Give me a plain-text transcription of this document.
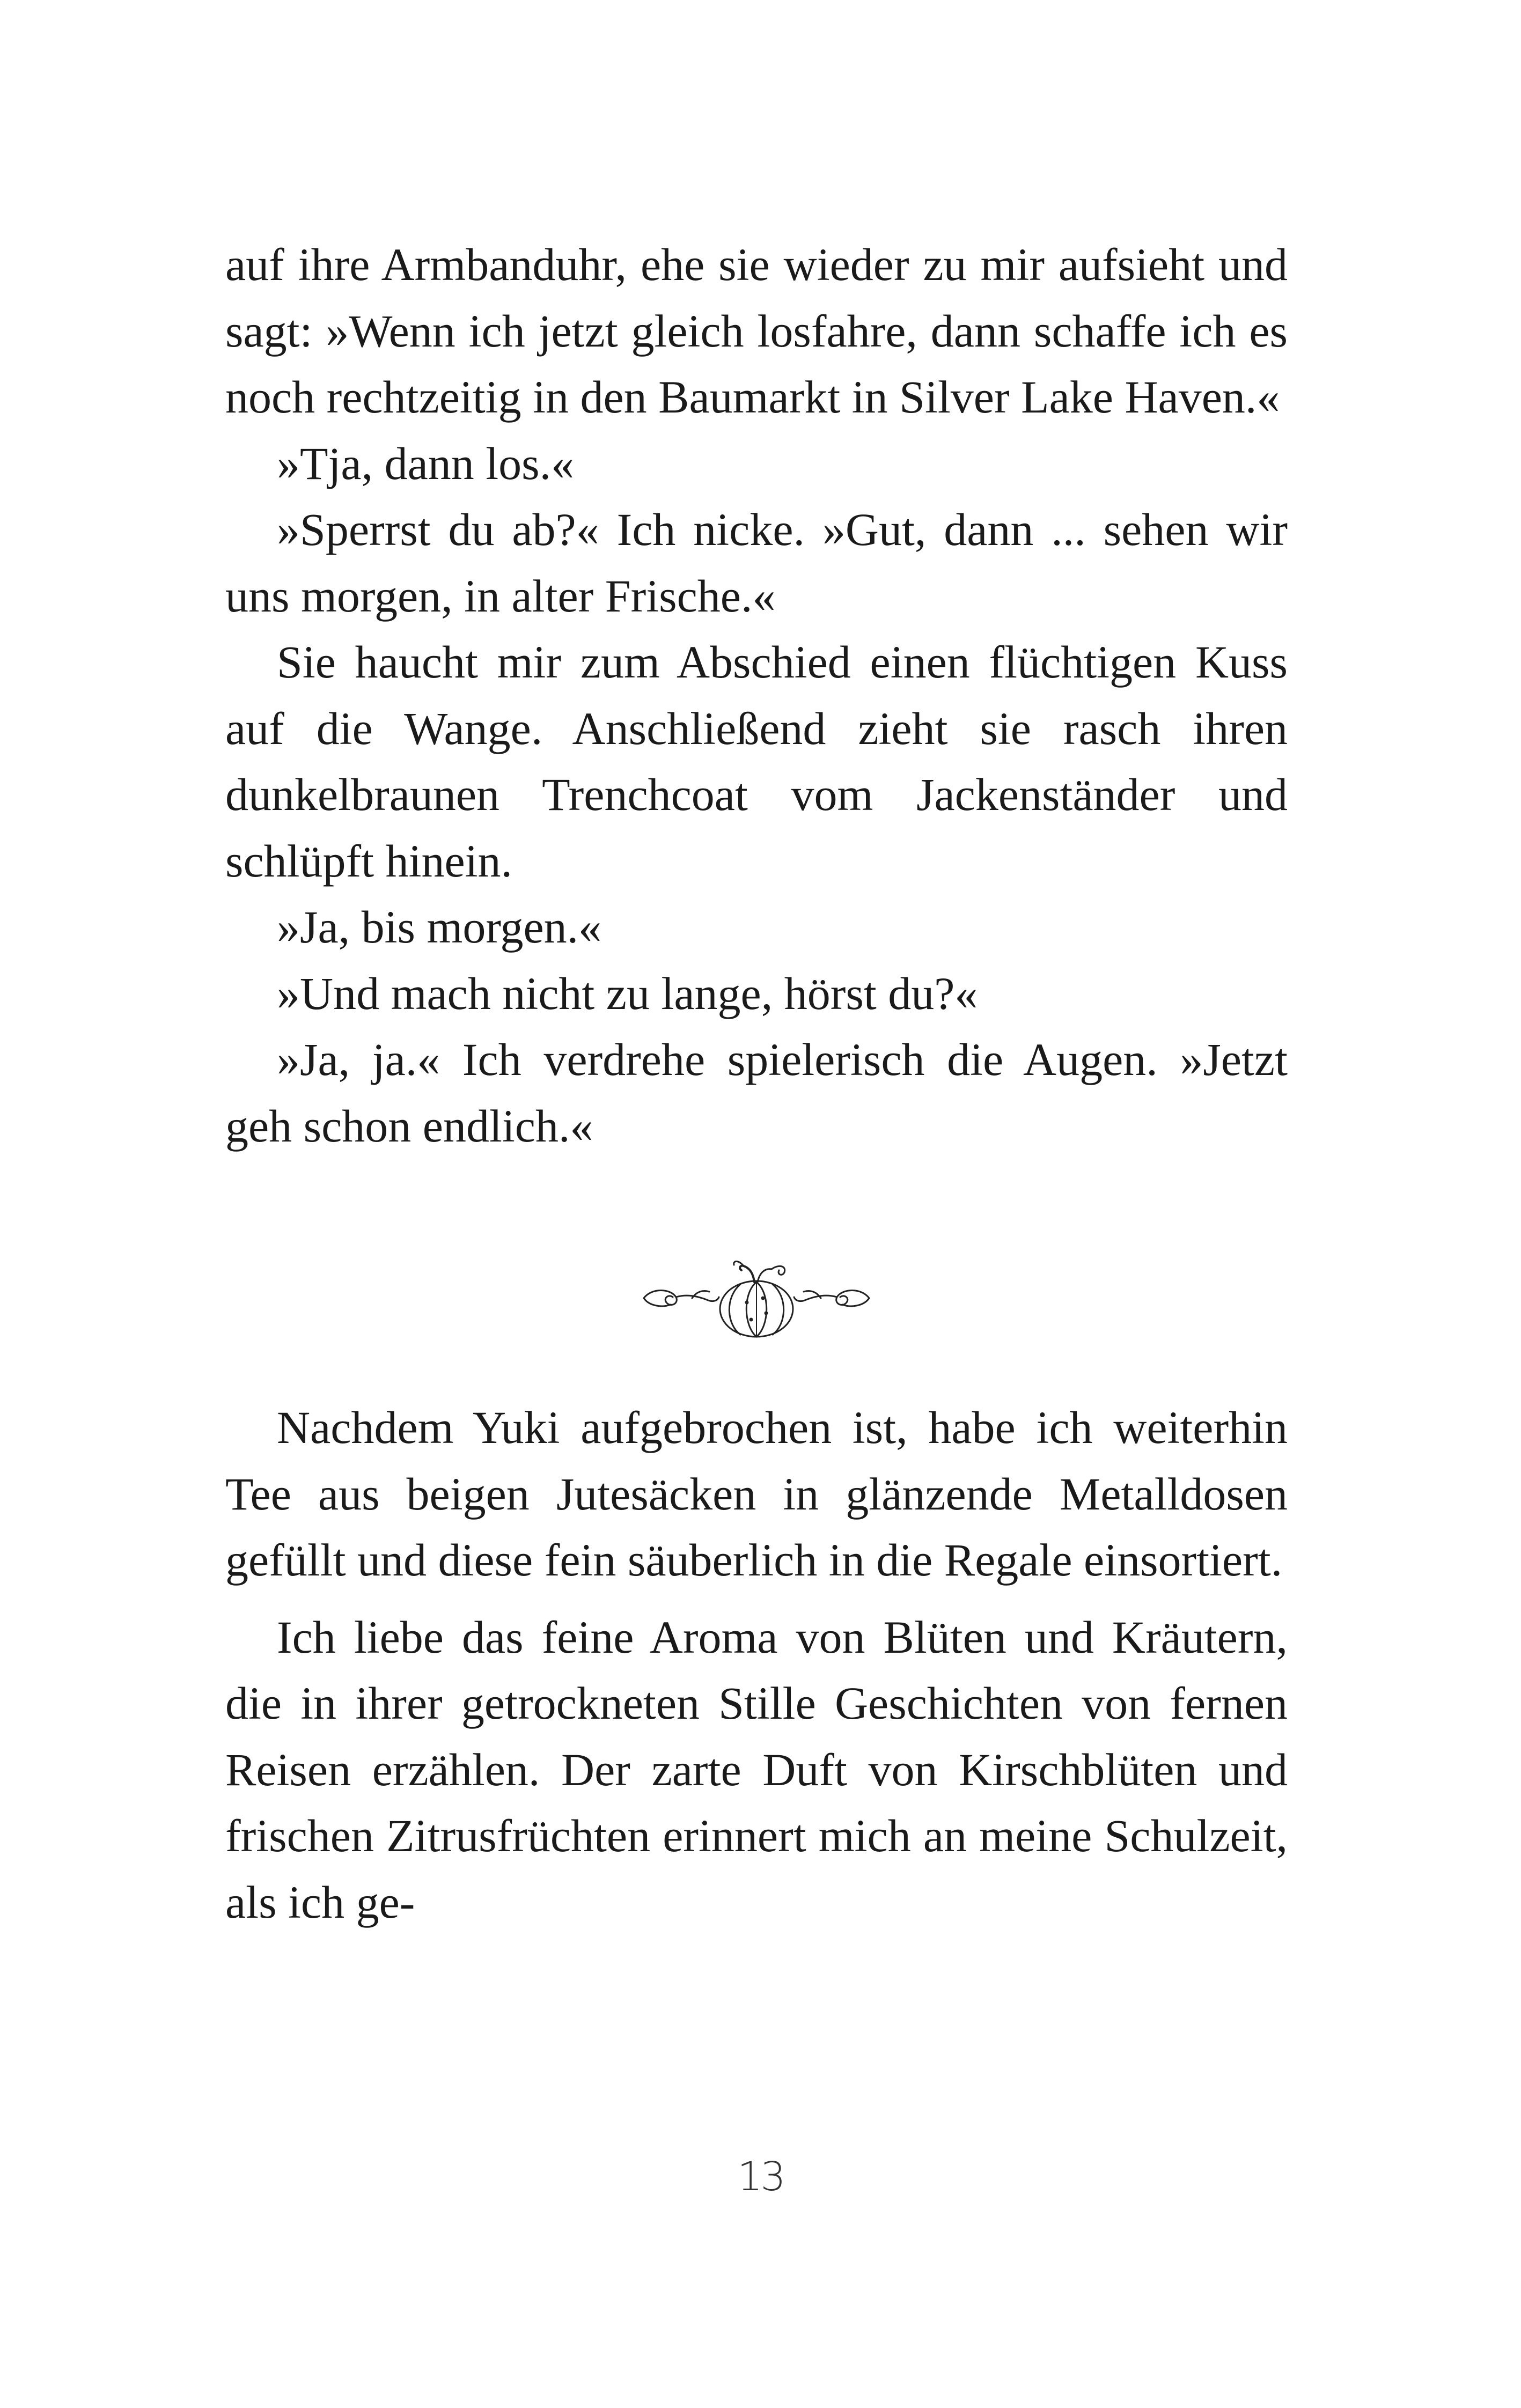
auf ihre Armbanduhr, ehe sie wieder zu mir aufsieht und sagt: »Wenn ich jetzt gleich losfahre, dann schaffe ich es noch rechtzeitig in den Baumarkt in Silver Lake Haven.«

»Tja, dann los.«

»Sperrst du ab?« Ich nicke. »Gut, dann ... sehen wir uns morgen, in alter Frische.«

Sie haucht mir zum Abschied einen flüchtigen Kuss auf die Wange. Anschließend zieht sie rasch ihren dunkelbraunen Trenchcoat vom Jackenständer und schlüpft hinein.

»Ja, bis morgen.«

»Und mach nicht zu lange, hörst du?«

»Ja, ja.« Ich verdrehe spielerisch die Augen. »Jetzt geh schon endlich.«

Nachdem Yuki aufgebrochen ist, habe ich weiterhin Tee aus beigen Jutesäcken in glänzende Metalldosen gefüllt und diese fein säuberlich in die Regale einsortiert.

Ich liebe das feine Aroma von Blüten und Kräutern, die in ihrer getrockneten Stille Geschichten von fernen Reisen erzählen. Der zarte Duft von Kirschblüten und frischen Zitrusfrüchten erinnert mich an meine Schulzeit, als ich ge-

13
